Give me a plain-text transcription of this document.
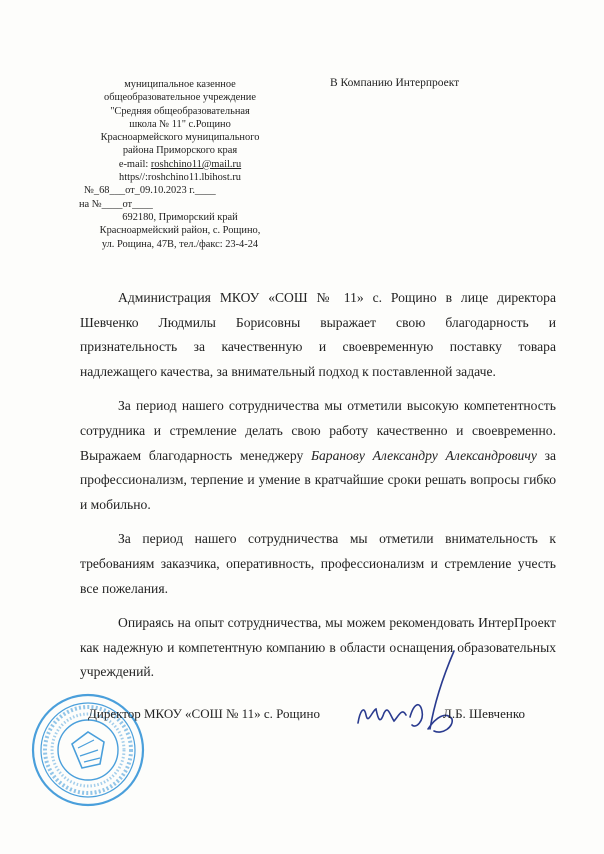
муниципальное казенное
общеобразовательное учреждение
"Средняя общеобразовательная
школа № 11" с.Рощино
Красноармейского муниципального
района Приморского края
e-mail: roshchino11@mail.ru
https//:roshchino11.lbihost.ru
№_68___от_09.10.2023 г.____
на №____от____
692180, Приморский край
Красноармейский район, с. Рощино,
ул. Рощина, 47В, тел./факс: 23-4-24
В Компанию Интерпроект

Администрация МКОУ «СОШ № 11» с. Рощино в лице директора Шевченко Людмилы Борисовны выражает свою благодарность и признательность за качественную и своевременную поставку товара надлежащего качества, за внимательный подход к поставленной задаче.

За период нашего сотрудничества мы отметили высокую компетентность сотрудника и стремление делать свою работу качественно и своевременно. Выражаем благодарность менеджеру Баранову Александру Александровичу за профессионализм, терпение и умение в кратчайшие сроки решать вопросы гибко и мобильно.

За период нашего сотрудничества мы отметили внимательность к требованиям заказчика, оперативность, профессионализм и стремление учесть все пожелания.

Опираясь на опыт сотрудничества, мы можем рекомендовать ИнтерПроект как надежную и компетентную компанию в области оснащения образовательных учреждений.

Директор МКОУ «СОШ № 11» с. Рощино	Л.Б. Шевченко
